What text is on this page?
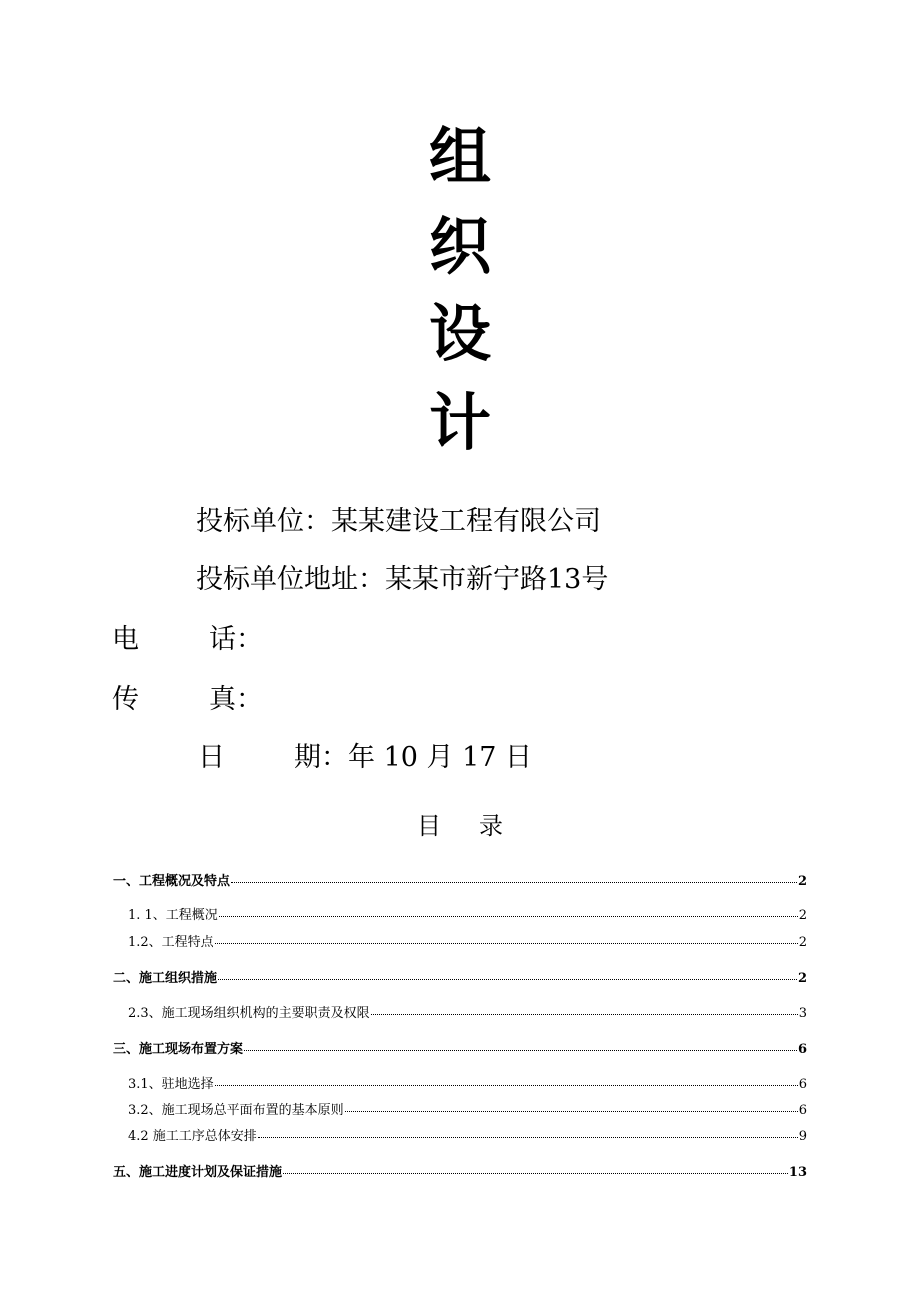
组
织
设
计
投标单位：某某建设工程有限公司
投标单位地址：某某市新宁路13号
电	话：
传	真：
日	期：年 10 月 17 日
目 录
一、工程概况及特点	2
1. 1、工程概况	2
1.2、工程特点	2
二、施工组织措施	2
2.3、施工现场组织机构的主要职责及权限	3
三、施工现场布置方案	6
3.1、驻地选择	6
3.2、施工现场总平面布置的基本原则	6
4.2 施工工序总体安排	9
五、施工进度计划及保证措施	13
